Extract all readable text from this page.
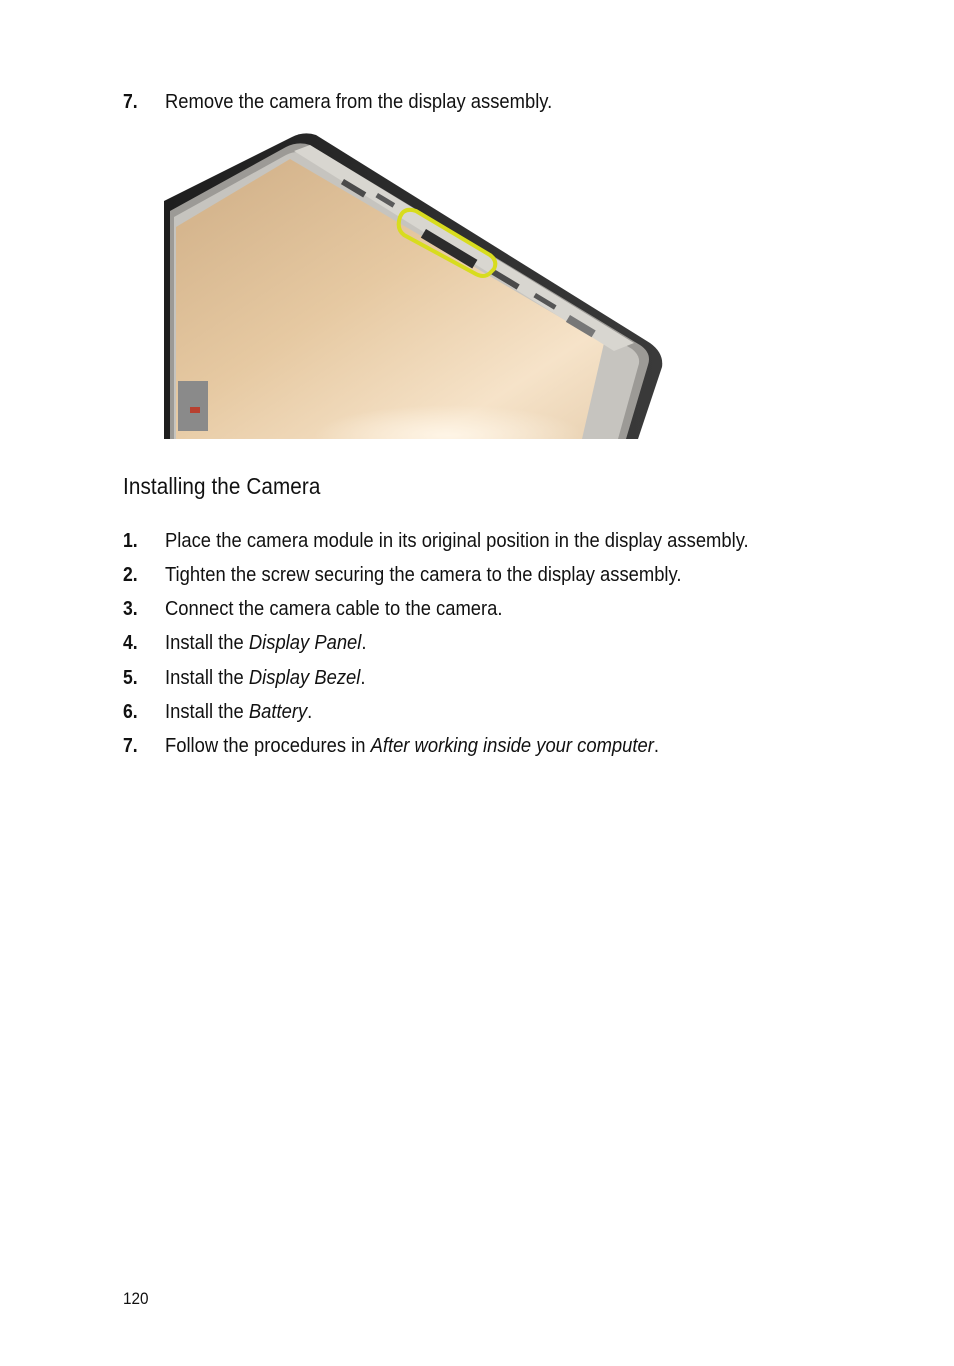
7. Remove the camera from the display assembly.
Installing the Camera
1. Place the camera module in its original position in the display assembly.
2. Tighten the screw securing the camera to the display assembly.
3. Connect the camera cable to the camera.
4. Install the Display Panel.
5. Install the Display Bezel.
6. Install the Battery.
7. Follow the procedures in After working inside your computer.
120
